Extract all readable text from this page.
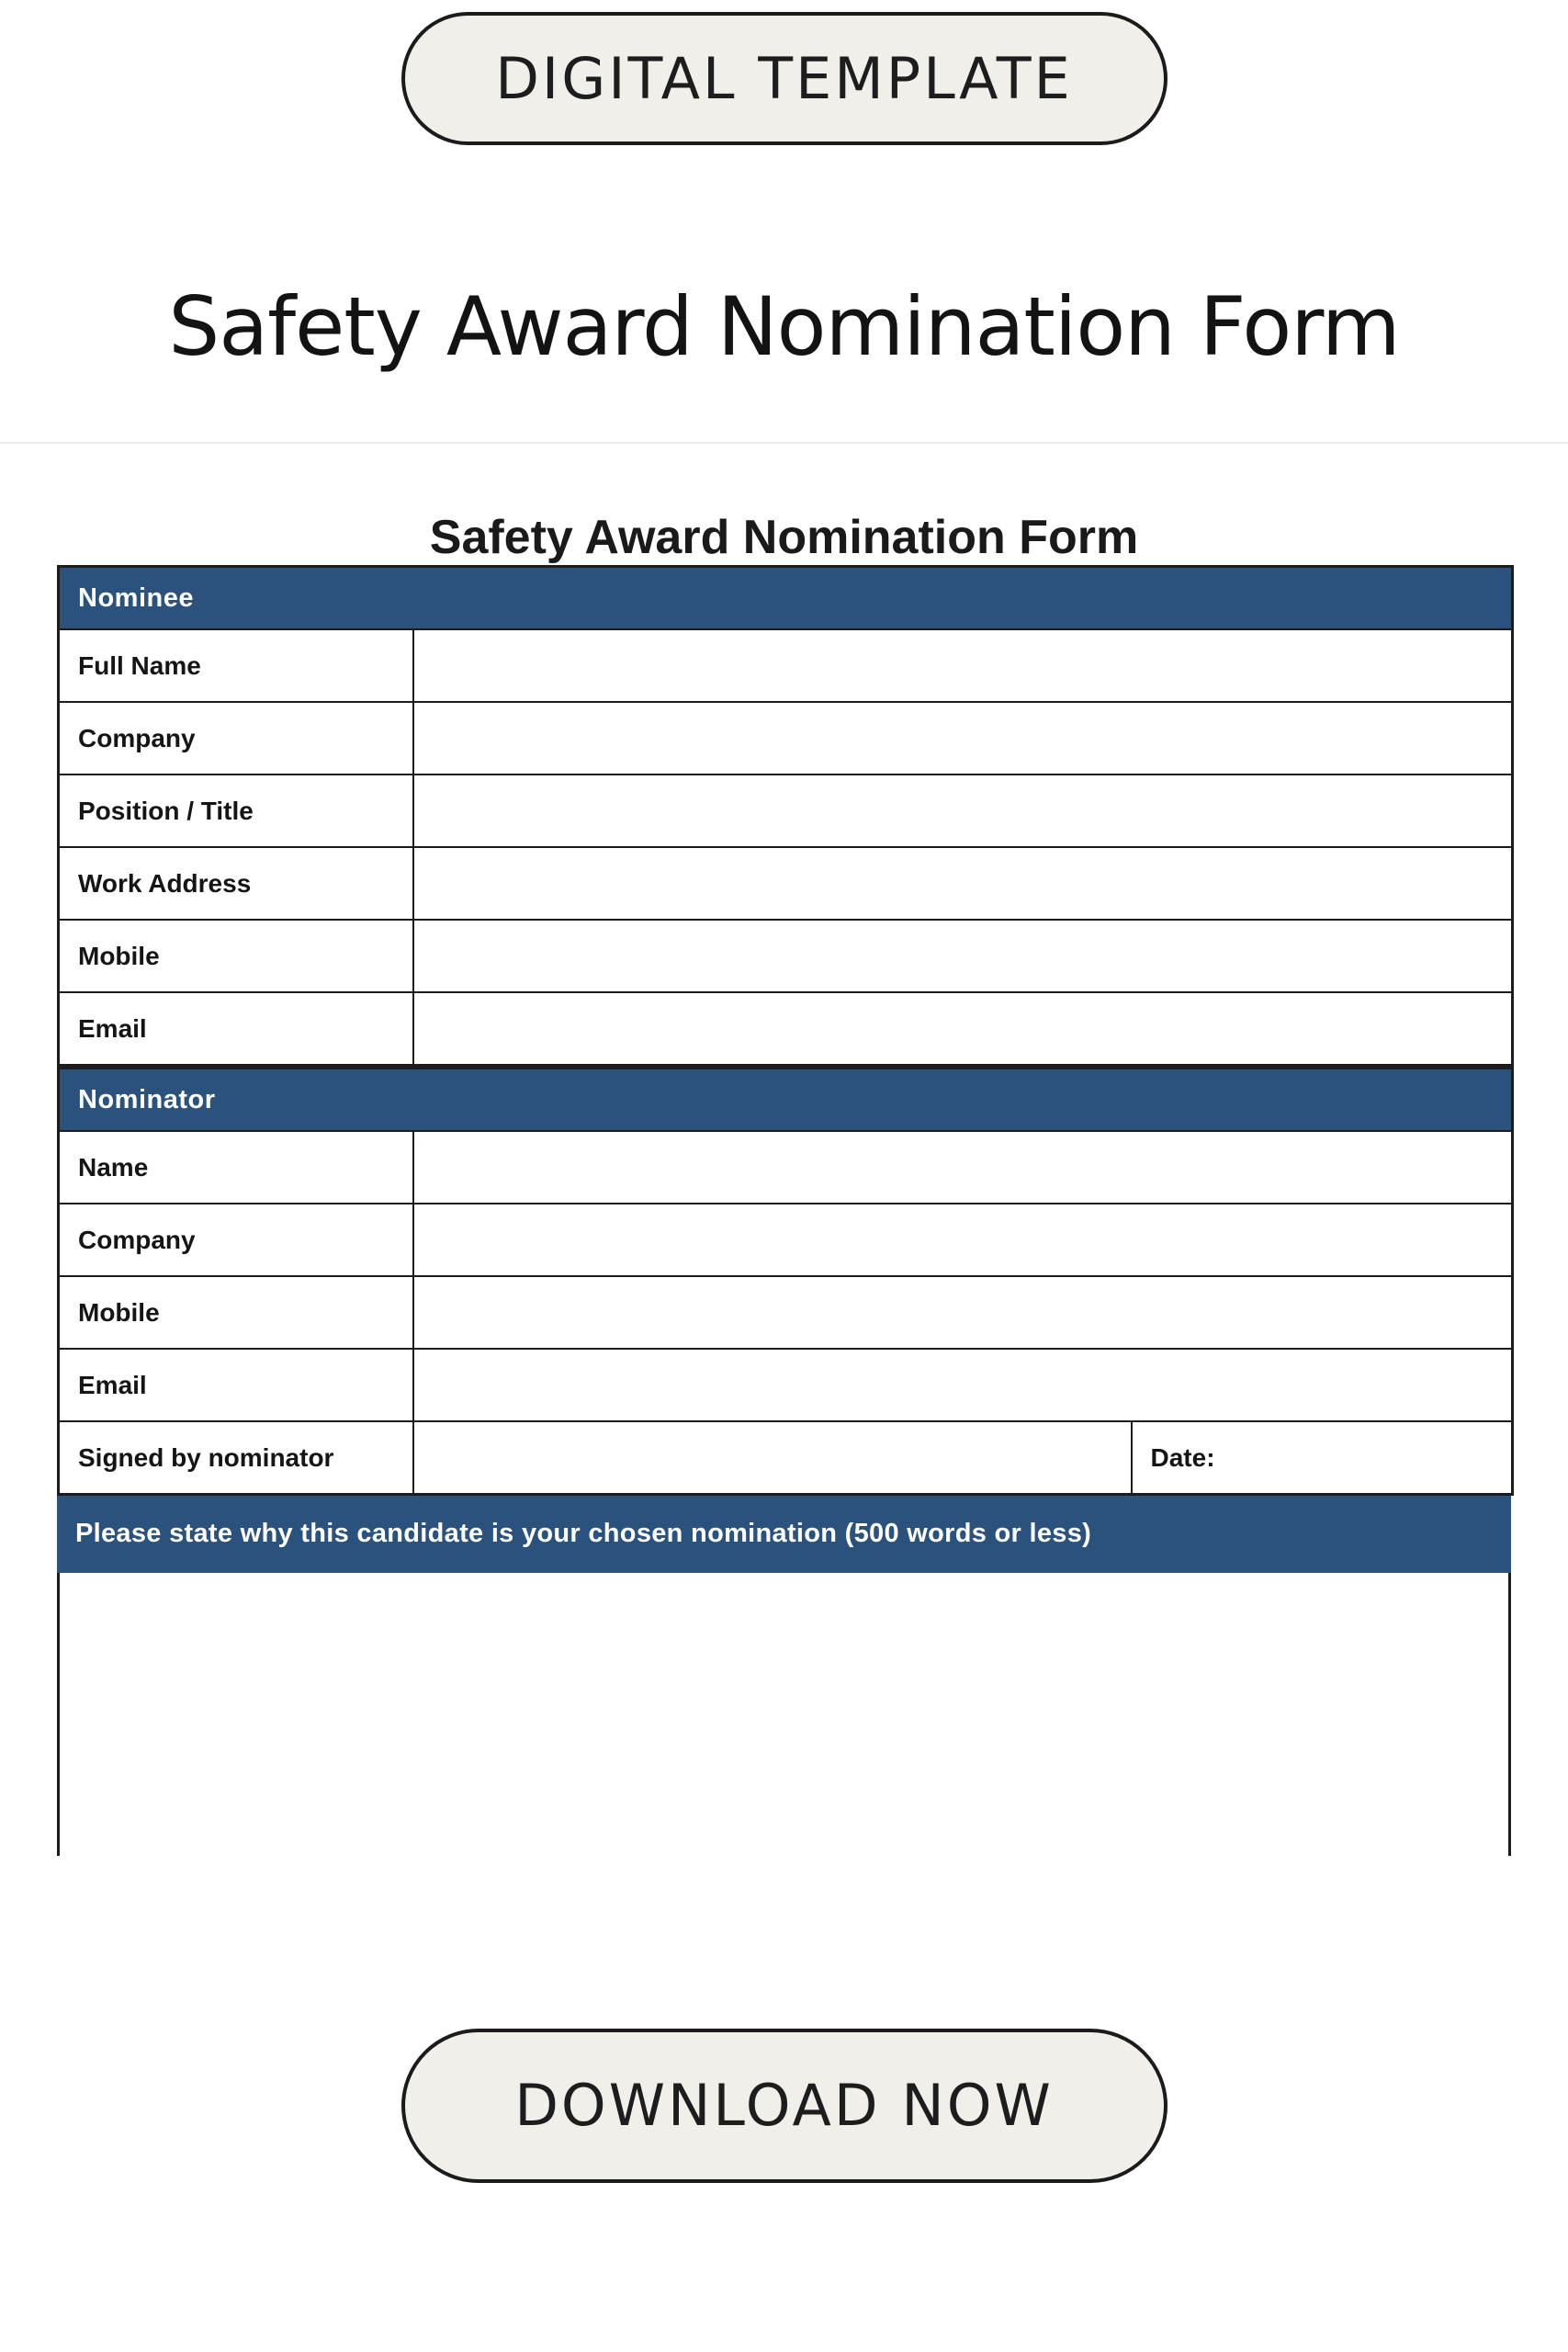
DIGITAL TEMPLATE
Safety Award Nomination Form
Safety Award Nomination Form
Nominee	
Full Name	
Company	
Position / Title	
Work Address	
Mobile	
Email	
Nominator		
Name		
Company		
Mobile		
Email		
Signed by nominator		Date:
Please state why this candidate is your chosen nomination (500 words or less)
DOWNLOAD NOW
